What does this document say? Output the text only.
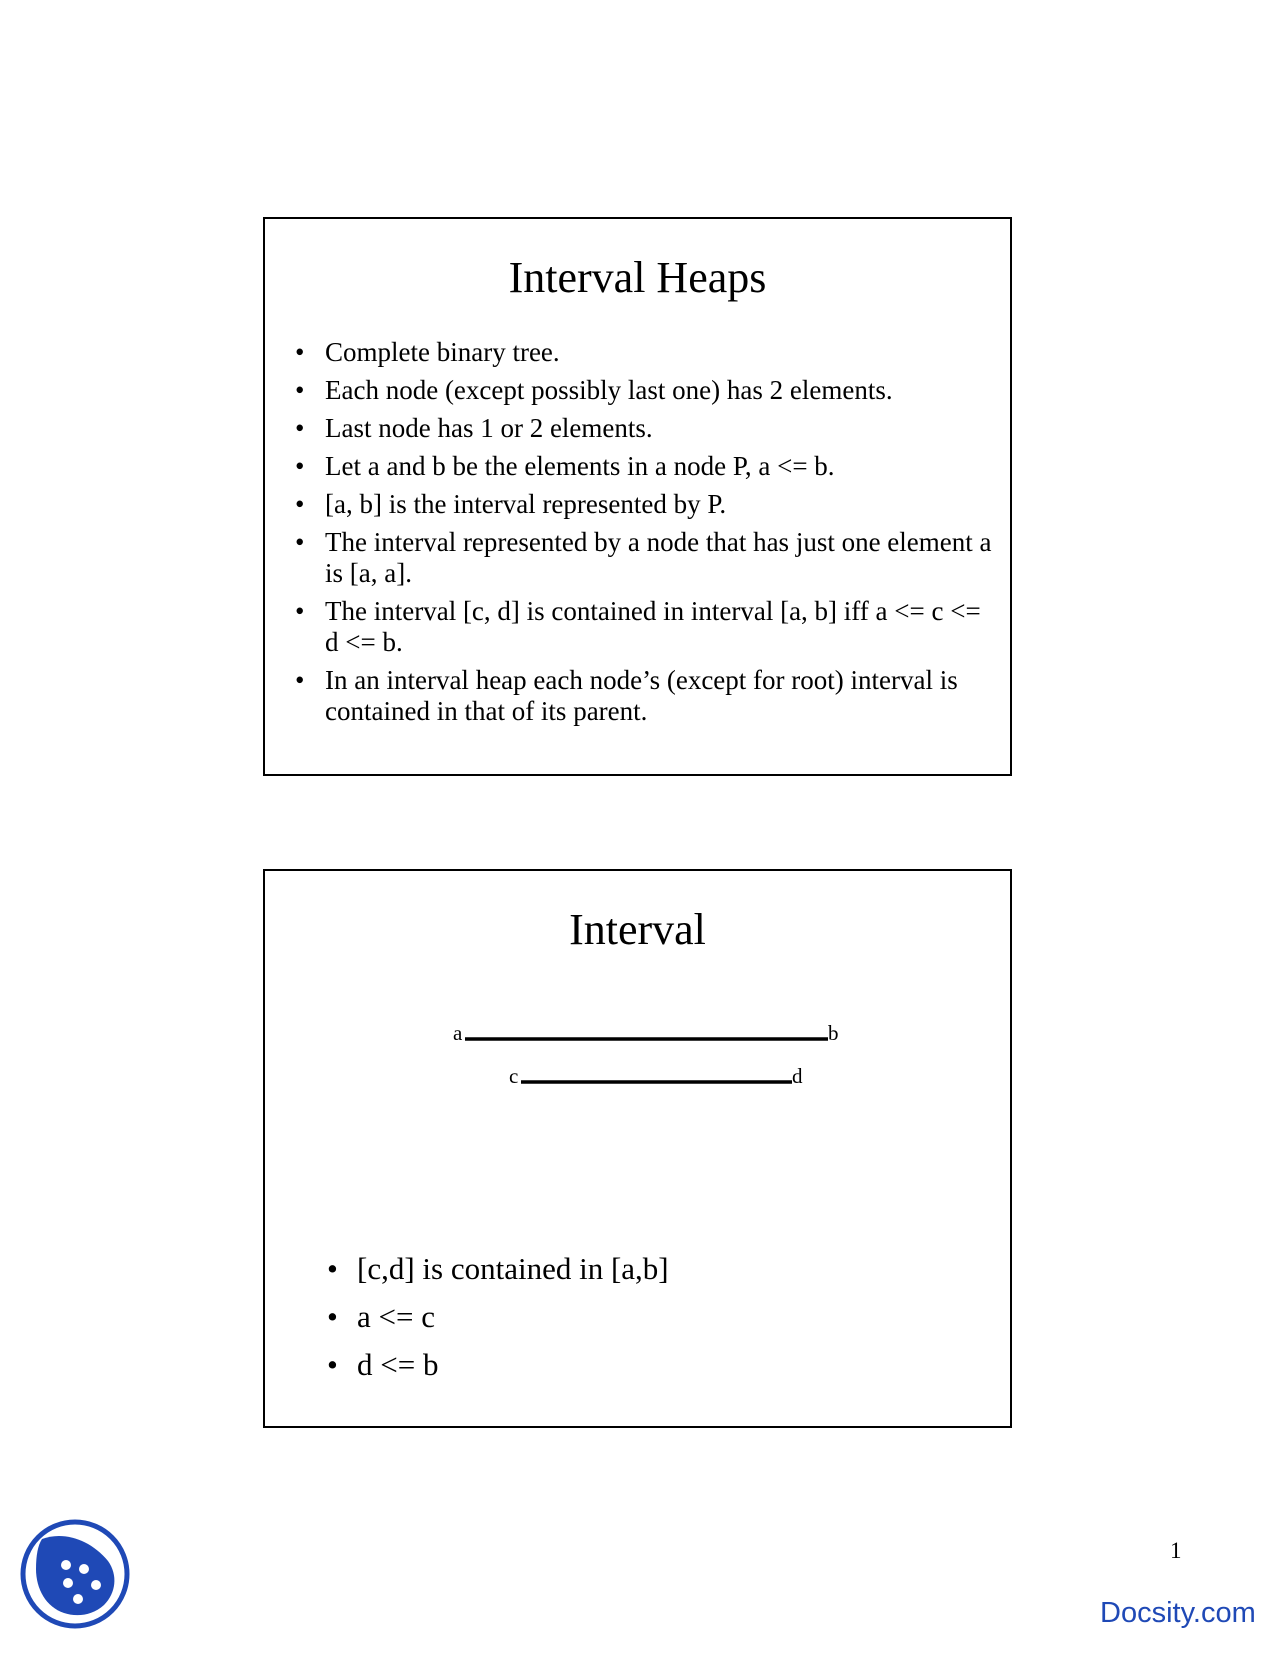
Interval Heaps
• Complete binary tree.
• Each node (except possibly last one) has 2 elements.
• Last node has 1 or 2 elements.
• Let a and b be the elements in a node P, a <= b.
• [a, b] is the interval represented by P.
• The interval represented by a node that has just one element a is [a, a].
• The interval [c, d] is contained in interval [a, b] iff a <= c <= d <= b.
• In an interval heap each node’s (except for root) interval is contained in that of its parent.
Interval
a	b
c	d
• [c,d] is contained in [a,b]
• a <= c
• d <= b
1
Docsity.com
